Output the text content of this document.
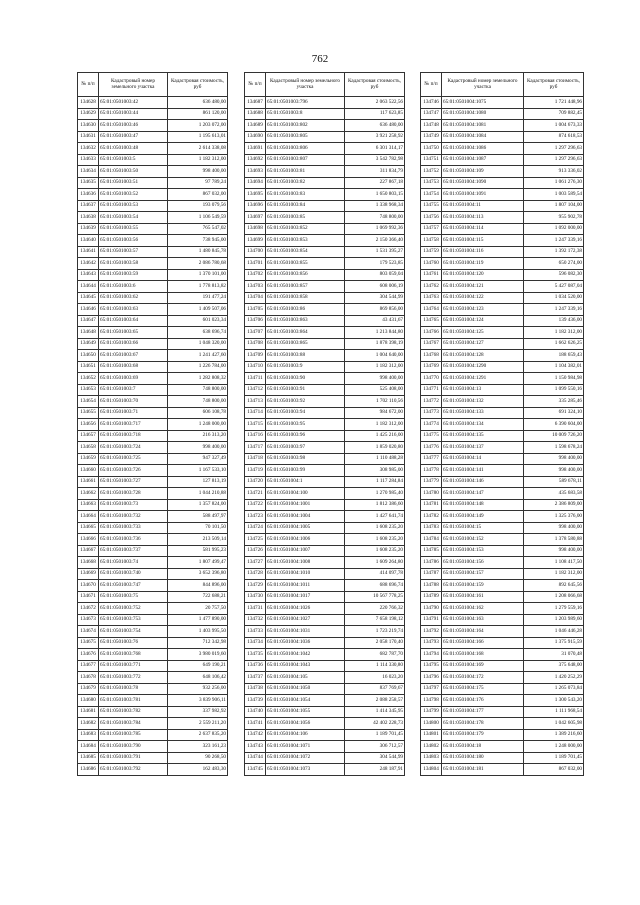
762
№ п/п	Кадастровый номер земельного участка	Кадастровая стоимость, руб
134628	65:01:0501003:42	636 480,00
134629	65:01:0501003:44	861 120,00
134630	65:01:0501003:46	1 203 072,00
134631	65:01:0501003:47	1 195 613,01
134632	65:01:0501003:48	2 614 338,08
134633	65:01:0501003:5	1 182 312,00
134634	65:01:0501003:50	998 400,00
134635	65:01:0501003:51	97 789,24
134636	65:01:0501003:52	867 032,00
134637	65:01:0501003:53	193 079,56
134638	65:01:0501003:54	1 106 549,59
134639	65:01:0501003:55	765 547,02
134640	65:01:0501003:56	738 945,00
134641	65:01:0501003:57	1 480 845,78
134642	65:01:0501003:58	2 086 780,68
134643	65:01:0501003:59	1 370 101,00
134644	65:01:0501003:6	1 778 813,82
134645	65:01:0501003:62	191 477,24
134646	65:01:0501003:63	1 409 507,06
134647	65:01:0501003:64	601 023,34
134648	65:01:0501003:65	638 696,74
134649	65:01:0501003:66	1 048 320,00
134650	65:01:0501003:67	1 241 427,60
134651	65:01:0501003:68	1 226 784,00
134652	65:01:0501003:69	1 282 808,32
134653	65:01:0501003:7	748 800,00
134654	65:01:0501003:70	748 800,00
134655	65:01:0501003:71	606 108,78
134656	65:01:0501003:717	1 248 000,00
134657	65:01:0501003:718	216 313,20
134658	65:01:0501003:724	998 400,00
134659	65:01:0501003:725	947 327,49
134660	65:01:0501003:726	1 167 533,10
134661	65:01:0501003:727	127 813,19
134662	65:01:0501003:728	1 044 210,88
134663	65:01:0501003:73	1 357 824,00
134664	65:01:0501003:732	588 497,97
134665	65:01:0501003:733	70 101,50
134666	65:01:0501003:736	213 509,14
134667	65:01:0501003:737	581 995,23
134668	65:01:0501003:74	1 807 499,47
134669	65:01:0501003:740	3 652 396,80
134670	65:01:0501003:747	844 896,00
134671	65:01:0501003:75	722 688,21
134672	65:01:0501003:752	20 757,50
134673	65:01:0501003:753	1 477 890,00
134674	65:01:0501003:754	1 403 995,50
134675	65:01:0501003:76	712 342,98
134676	65:01:0501003:768	3 980 019,60
134677	65:01:0501003:771	649 190,21
134678	65:01:0501003:772	648 106,42
134679	65:01:0501003:78	932 256,00
134680	65:01:0501003:781	3 839 906,11
134681	65:01:0501003:782	337 982,92
134682	65:01:0501003:784	2 559 211,20
134683	65:01:0501003:785	2 637 835,20
134684	65:01:0501003:790	323 161,23
134685	65:01:0501003:791	90 268,50
134686	65:01:0501003:792	162 483,30
№ п/п	Кадастровый номер земельного участка	Кадастровая стоимость, руб
134687	65:01:0501003:796	2 063 522,56
134688	65:01:0501003:8	117 623,85
134689	65:01:0501003:802	636 480,00
134690	65:01:0501003:805	3 921 258,92
134691	65:01:0501003:806	6 301 314,17
134692	65:01:0501003:807	3 542 782,98
134693	65:01:0501003:81	311 834,79
134694	65:01:0501003:82	227 867,18
134695	65:01:0501003:83	1 650 803,15
134696	65:01:0501003:84	1 338 968,34
134697	65:01:0501003:85	748 800,00
134698	65:01:0501003:852	1 069 992,36
134699	65:01:0501003:853	2 150 366,40
134700	65:01:0501003:854	1 531 395,27
134701	65:01:0501003:855	179 523,85
134702	65:01:0501003:856	803 059,04
134703	65:01:0501003:857	608 006,19
134704	65:01:0501003:858	304 544,99
134705	65:01:0501003:86	869 856,00
134706	65:01:0501003:863	43 431,67
134707	65:01:0501003:864	1 213 844,80
134708	65:01:0501003:865	1 878 398,19
134709	65:01:0501003:88	1 004 640,00
134710	65:01:0501003:9	1 182 312,00
134711	65:01:0501003:90	998 400,00
134712	65:01:0501003:91	525 408,00
134713	65:01:0501003:92	1 702 110,56
134714	65:01:0501003:94	984 672,00
134715	65:01:0501003:95	1 182 312,00
134716	65:01:0501003:96	1 425 216,00
134717	65:01:0501003:97	1 859 020,80
134718	65:01:0501003:98	1 110 488,28
134719	65:01:0501003:99	308 985,00
134720	65:01:0501004:1	1 117 284,84
134721	65:01:0501004:100	1 270 985,40
134722	65:01:0501004:1001	1 812 386,60
134723	65:01:0501004:1004	1 427 641,74
134724	65:01:0501004:1005	1 608 235,20
134725	65:01:0501004:1006	1 608 235,20
134726	65:01:0501004:1007	1 608 235,20
134727	65:01:0501004:1008	1 609 264,80
134728	65:01:0501004:1010	414 097,78
134729	65:01:0501004:1011	688 696,74
134730	65:01:0501004:1017	10 567 778,25
134731	65:01:0501004:1026	220 766,32
134732	65:01:0501004:1027	7 658 198,12
134733	65:01:0501004:1031	1 723 219,74
134734	65:01:0501004:1036	2 058 170,40
134735	65:01:0501004:1042	682 787,70
134736	65:01:0501004:1043	1 114 330,80
134737	65:01:0501004:105	16 023,20
134738	65:01:0501004:1050	837 769,67
134739	65:01:0501004:1054	2 088 258,57
134740	65:01:0501004:1055	1 414 345,95
134741	65:01:0501004:1056	42 402 228,73
134742	65:01:0501004:106	1 189 701,45
134743	65:01:0501004:1071	306 712,57
134744	65:01:0501004:1072	304 544,99
134745	65:01:0501004:1073	248 187,91
№ п/п	Кадастровый номер земельного участка	Кадастровая стоимость, руб
134746	65:01:0501004:1075	1 721 448,96
134747	65:01:0501004:1080	709 882,45
134748	65:01:0501004:1081	1 004 673,33
134749	65:01:0501004:1084	874 618,53
134750	65:01:0501004:1086	1 297 296,63
134751	65:01:0501004:1087	1 297 296,63
134752	65:01:0501004:109	913 336,02
134753	65:01:0501004:1090	1 061 276,30
134754	65:01:0501004:1091	1 003 589,54
134755	65:01:0501004:11	1 807 104,00
134756	65:01:0501004:113	955 902,78
134757	65:01:0501004:114	1 092 000,00
134758	65:01:0501004:115	1 247 339,16
134759	65:01:0501004:116	1 392 172,38
134760	65:01:0501004:119	650 274,00
134761	65:01:0501004:120	596 082,30
134762	65:01:0501004:121	5 427 087,04
134763	65:01:0501004:122	1 034 520,00
134764	65:01:0501004:123	1 247 339,16
134765	65:01:0501004:124	139 436,00
134766	65:01:0501004:125	1 182 312,00
134767	65:01:0501004:127	1 662 626,25
134768	65:01:0501004:128	188 659,43
134769	65:01:0501004:1290	1 104 382,01
134770	65:01:0501004:1291	1 150 984,98
134771	65:01:0501004:13	1 099 550,16
134772	65:01:0501004:132	335 285,46
134773	65:01:0501004:133	691 324,10
134774	65:01:0501004:134	6 390 604,00
134775	65:01:0501004:135	10 009 726,20
134776	65:01:0501004:137	1 598 678,24
134777	65:01:0501004:14	998 400,00
134778	65:01:0501004:141	998 400,00
134779	65:01:0501004:146	589 678,11
134780	65:01:0501004:147	435 683,58
134781	65:01:0501004:148	2 386 809,00
134782	65:01:0501004:149	1 325 376,00
134783	65:01:0501004:15	998 400,00
134784	65:01:0501004:152	1 378 580,88
134785	65:01:0501004:153	998 400,00
134786	65:01:0501004:156	1 108 417,50
134787	65:01:0501004:157	1 182 312,00
134788	65:01:0501004:159	892 645,56
134789	65:01:0501004:161	1 208 066,68
134790	65:01:0501004:162	1 279 559,16
134791	65:01:0501004:163	1 203 989,60
134792	65:01:0501004:164	1 046 446,28
134793	65:01:0501004:166	1 375 915,59
134794	65:01:0501004:168	31 070,48
134795	65:01:0501004:169	375 648,00
134796	65:01:0501004:172	1 420 252,29
134797	65:01:0501004:175	1 265 073,84
134798	65:01:0501004:176	1 300 543,20
134799	65:01:0501004:177	1 111 968,54
134800	65:01:0501004:178	1 042 605,98
134801	65:01:0501004:179	1 389 216,60
134802	65:01:0501004:18	1 248 000,00
134803	65:01:0501004:180	1 189 701,45
134804	65:01:0501004:181	867 032,00
